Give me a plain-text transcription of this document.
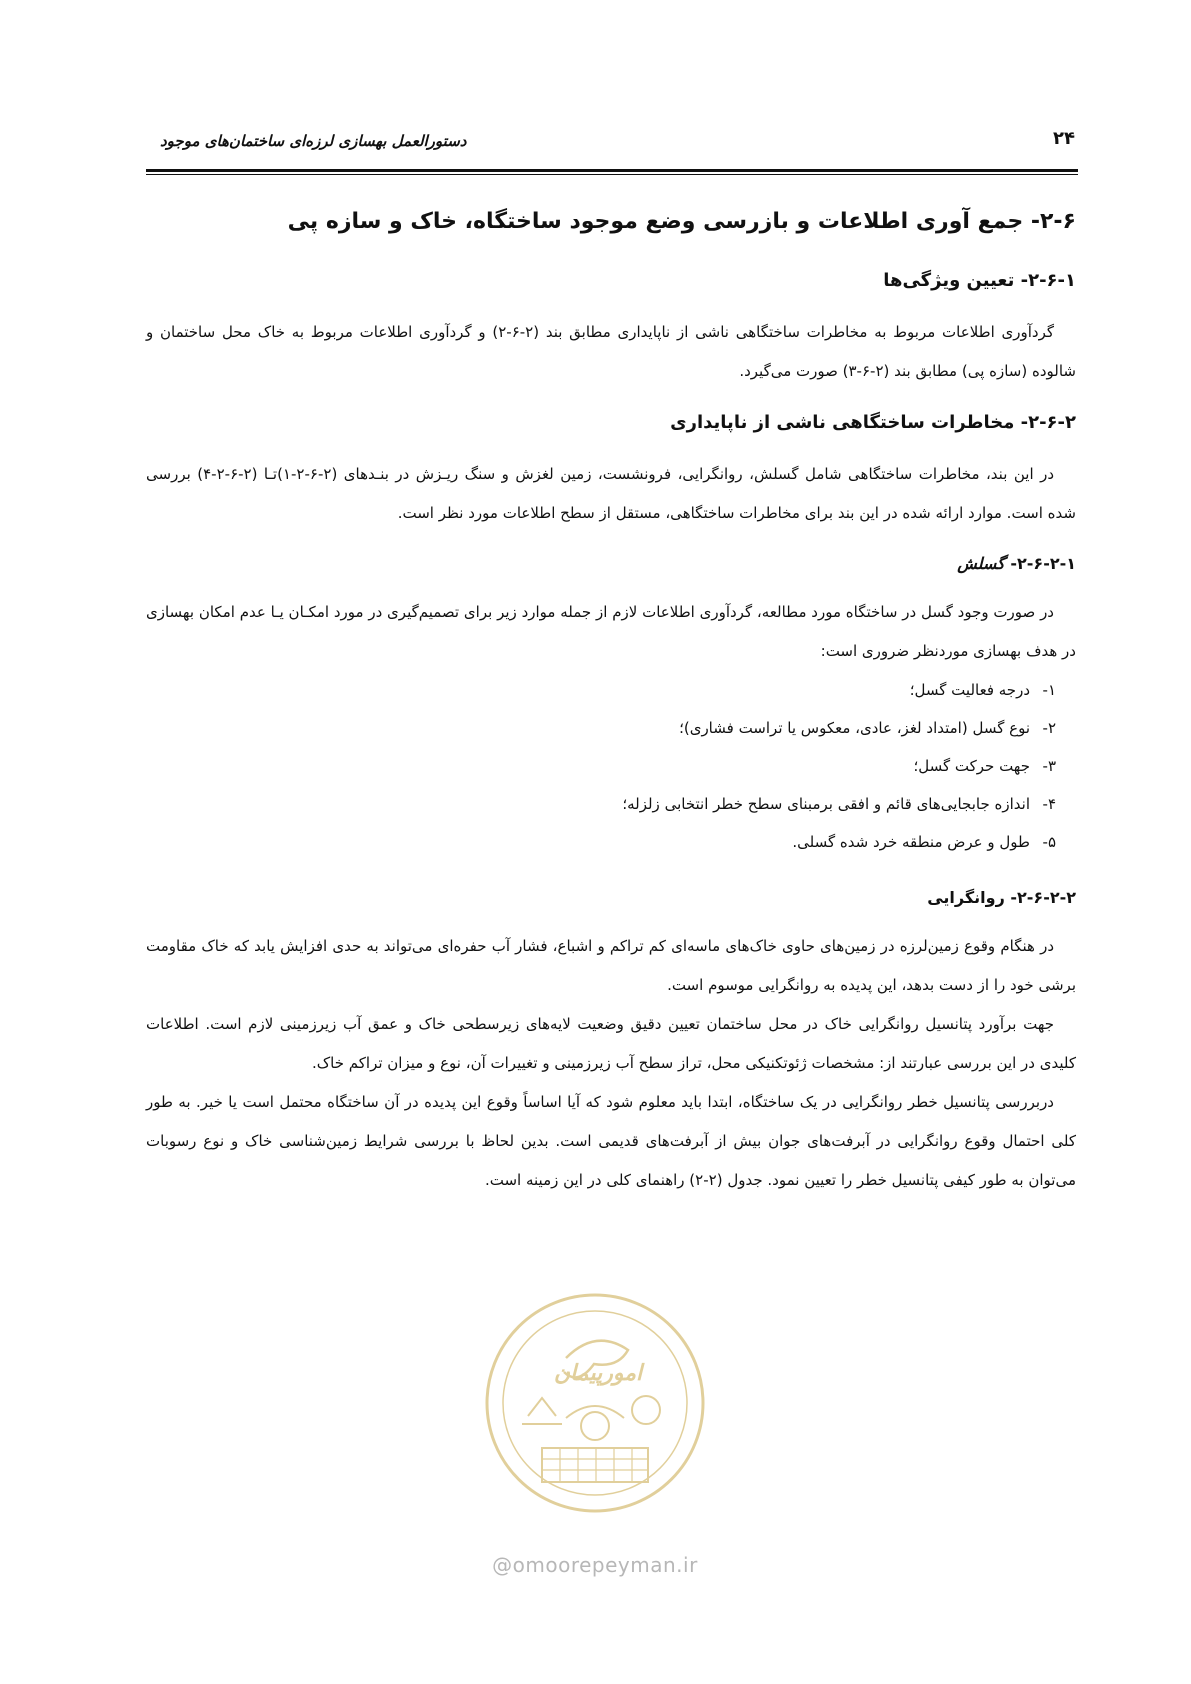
دستورالعمل بهسازی لرزه‌ای ساختمان‌های موجود	۲۴
۲-۶- جمع آوری اطلاعات و بازرسی وضع موجود ساختگاه، خاک و سازه پی
۲-۶-۱- تعیین ویژگی‌ها

گردآوری اطلاعات مربوط به مخاطرات ساختگاهی ناشی از ناپایداری مطابق بند (۲-۶-۲) و گردآوری اطلاعات مربوط به خاک محل ساختمان و شالوده (سازه پی) مطابق بند (۲-۶-۳) صورت می‌گیرد.

۲-۶-۲- مخاطرات ساختگاهی ناشی از ناپایداری

در این بند، مخاطرات ساختگاهی شامل گسلش، روانگرایی، فرونشست، زمین لغزش و سنگ ریـزش در بنـدهای (۲-۶-۲-۱)تـا (۲-۶-۲-۴) بررسی شده است. موارد ارائه شده در این بند برای مخاطرات ساختگاهی، مستقل از سطح اطلاعات مورد نظر است.

۲-۶-۲-۱- گسلش

در صورت وجود گسل در ساختگاه مورد مطالعه، گردآوری اطلاعات لازم از جمله موارد زیر برای تصمیم‌گیری در مورد امکـان یـا عدم امکان بهسازی در هدف بهسازی موردنظر ضروری است:

۱-درجه فعالیت گسل؛
۲-نوع گسل (امتداد لغز، عادی، معکوس یا تراست فشاری)؛
۳-جهت حرکت گسل؛
۴-اندازه جابجایی‌های قائم و افقی برمبنای سطح خطر انتخابی زلزله؛
۵-طول و عرض منطقه خرد شده گسلی.
۲-۶-۲-۲- روانگرایی

در هنگام وقوع زمین‌لرزه در زمین‌های حاوی خاک‌های ماسه‌ای کم تراکم و اشباع، فشار آب حفره‌ای می‌تواند به حدی افزایش یابد که خاک مقاومت برشی خود را از دست بدهد، این پدیده به روانگرایی موسوم است.

جهت برآورد پتانسیل روانگرایی خاک در محل ساختمان تعیین دقیق وضعیت لایه‌های زیرسطحی خاک و عمق آب زیرزمینی لازم است. اطلاعات کلیدی در این بررسی عبارتند از: مشخصات ژئوتکنیکی محل، تراز سطح آب زیرزمینی و تغییرات آن، نوع و میزان تراکم خاک.

دربررسی پتانسیل خطر روانگرایی در یک ساختگاه، ابتدا باید معلوم شود که آیا اساساً وقوع این پدیده در آن ساختگاه محتمل است یا خیر. به طور کلی احتمال وقوع روانگرایی در آبرفت‌های جوان بیش از آبرفت‌های قدیمی است. بدین لحاظ با بررسی شرایط زمین‌شناسی خاک و نوع رسوبات می‌توان به طور کیفی پتانسیل خطر را تعیین نمود. جدول (۲-۲) راهنمای کلی در این زمینه است.

امورپیمان
@omoorepeyman.ir
